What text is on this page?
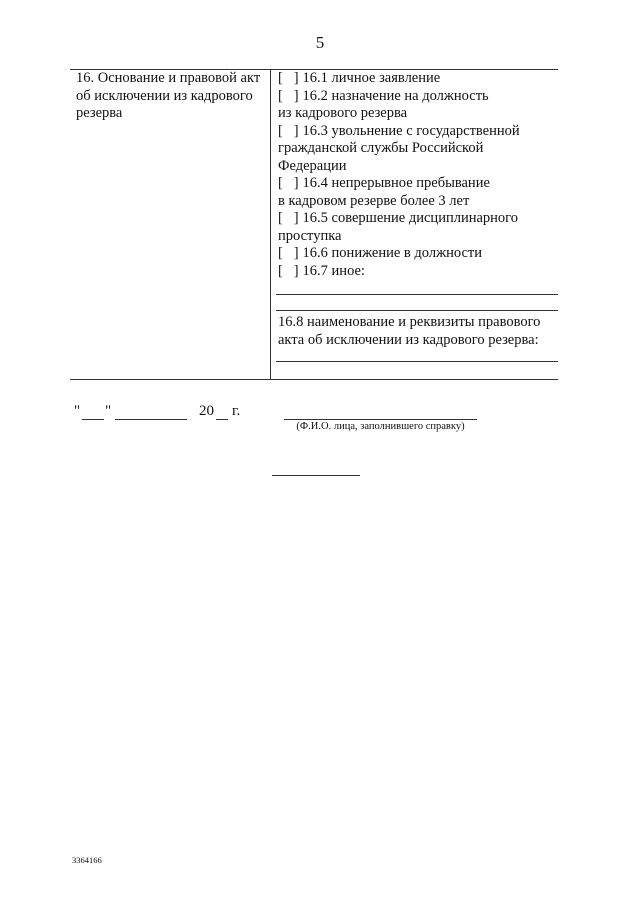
5
16. Основание и правовой акт
об исключении из кадрового
резерва
[   ] 16.1 личное заявление
[   ] 16.2 назначение на должность
из кадрового резерва
[   ] 16.3 увольнение с государственной
гражданской службы Российской
Федерации
[   ] 16.4 непрерывное пребывание
в кадровом резерве более 3 лет
[   ] 16.5 совершение дисциплинарного
проступка
[   ] 16.6 понижение в должности
[   ] 16.7 иное:
16.8 наименование и реквизиты правового
акта об исключении из кадрового резерва:
" "	20 г.
(Ф.И.О. лица, заполнившего справку)
3364166
